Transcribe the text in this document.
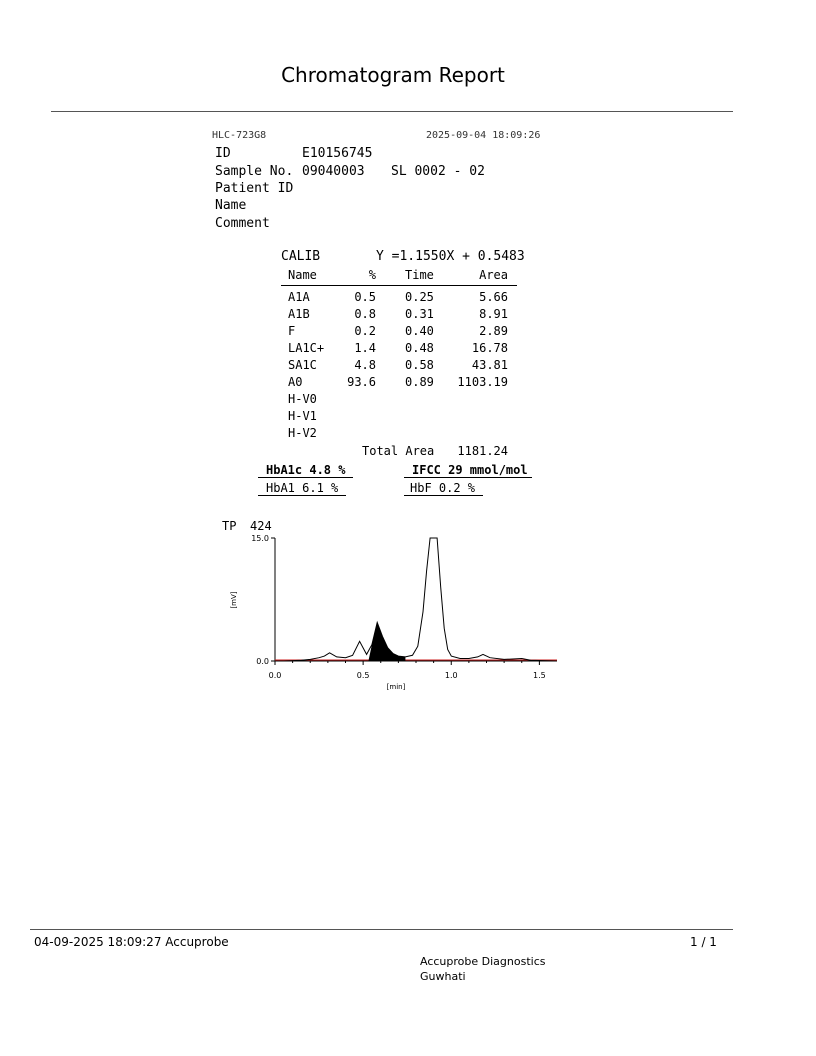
Chromatogram Report
HLC-723G8	2025-09-04 18:09:26
ID	E10156745
Sample No. 09040003 SL 0002 - 02
Patient ID
Name
Comment
CALIB	Y =1.1550X + 0.5483
Name	% Time	Area
A1A	0.5 0.25	5.66
A1B	0.8 0.31	8.91
F	0.2 0.40	2.89
LA1C+	1.4 0.48	16.78
SA1C	4.8 0.58	43.81
A0	93.6 0.89	1103.19
H-V0
H-V1
H-V2
Total Area	1181.24
HbA1c 4.8 %	IFCC 29 mmol/mol
HbA1 6.1 %	HbF 0.2 %
TP 424
15.0
0.0
0.0	0.5	1.0	1.5
[min]
[mV]
04-09-2025 18:09:27 Accuprobe	1 / 1
Accuprobe Diagnostics
Guwhati
